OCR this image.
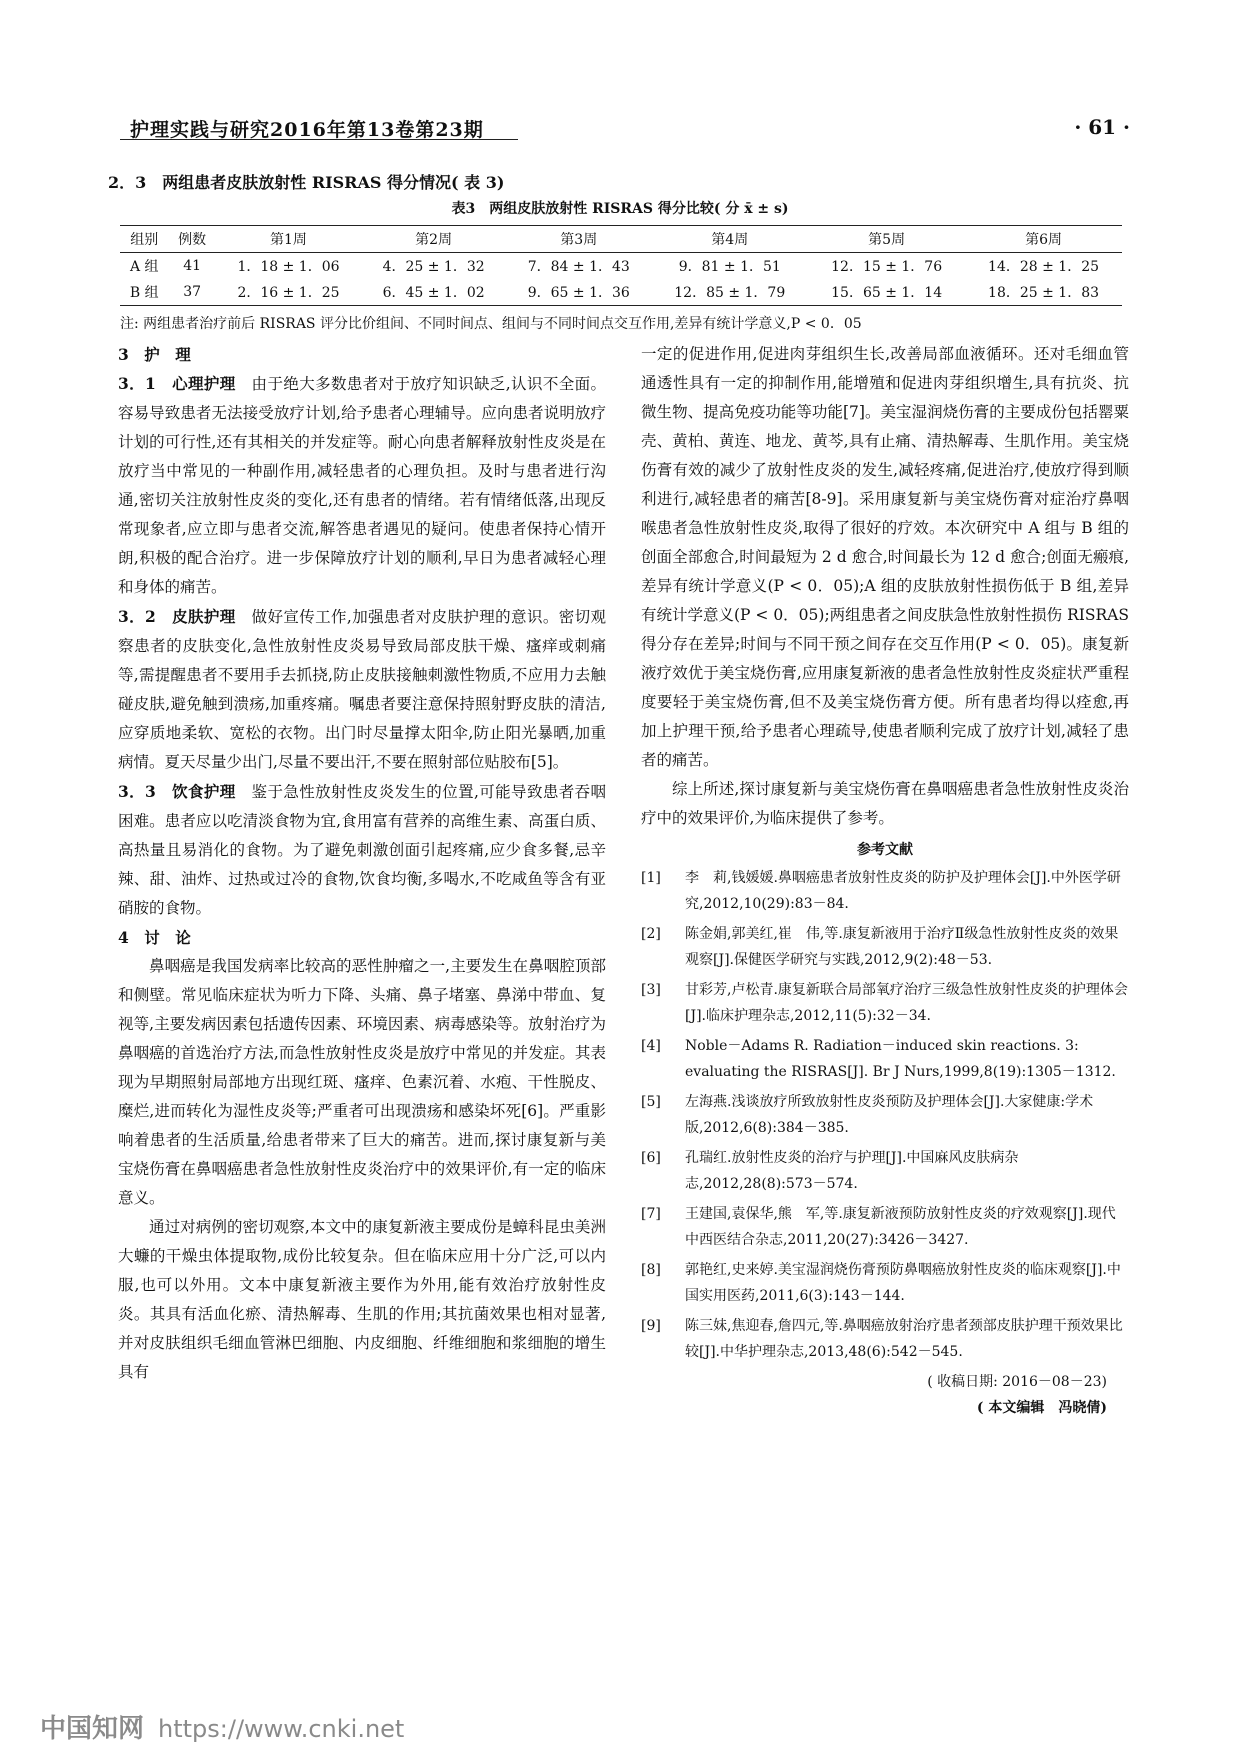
护理实践与研究2016年第13卷第23期	· 61 ·
2．3　两组患者皮肤放射性 RISRAS 得分情况( 表 3)
表3　两组皮肤放射性 RISRAS 得分比较( 分 x̄ ± s)
组别	例数	第1周	第2周	第3周	第4周	第5周	第6周
A 组	41	1．18 ± 1．06	4．25 ± 1．32	7．84 ± 1．43	9．81 ± 1．51	12．15 ± 1．76	14．28 ± 1．25
B 组	37	2．16 ± 1．25	6．45 ± 1．02	9．65 ± 1．36	12．85 ± 1．79	15．65 ± 1．14	18．25 ± 1．83
注: 两组患者治疗前后 RISRAS 评分比价组间、不同时间点、组间与不同时间点交互作用,差异有统计学意义,P < 0．05

3　护　理

3．1　心理护理　由于绝大多数患者对于放疗知识缺乏,认识不全面。容易导致患者无法接受放疗计划,给予患者心理辅导。应向患者说明放疗计划的可行性,还有其相关的并发症等。耐心向患者解释放射性皮炎是在放疗当中常见的一种副作用,减轻患者的心理负担。及时与患者进行沟通,密切关注放射性皮炎的变化,还有患者的情绪。若有情绪低落,出现反常现象者,应立即与患者交流,解答患者遇见的疑问。使患者保持心情开朗,积极的配合治疗。进一步保障放疗计划的顺利,早日为患者减轻心理和身体的痛苦。

3．2　皮肤护理　做好宣传工作,加强患者对皮肤护理的意识。密切观察患者的皮肤变化,急性放射性皮炎易导致局部皮肤干燥、瘙痒或刺痛等,需提醒患者不要用手去抓挠,防止皮肤接触刺激性物质,不应用力去触碰皮肤,避免触到溃疡,加重疼痛。嘱患者要注意保持照射野皮肤的清洁,应穿质地柔软、宽松的衣物。出门时尽量撑太阳伞,防止阳光暴晒,加重病情。夏天尽量少出门,尽量不要出汗,不要在照射部位贴胶布[5]。

3．3　饮食护理　鉴于急性放射性皮炎发生的位置,可能导致患者吞咽困难。患者应以吃清淡食物为宜,食用富有营养的高维生素、高蛋白质、高热量且易消化的食物。为了避免刺激创面引起疼痛,应少食多餐,忌辛辣、甜、油炸、过热或过冷的食物,饮食均衡,多喝水,不吃咸鱼等含有亚硝胺的食物。

4　讨　论

鼻咽癌是我国发病率比较高的恶性肿瘤之一,主要发生在鼻咽腔顶部和侧壁。常见临床症状为听力下降、头痛、鼻子堵塞、鼻涕中带血、复视等,主要发病因素包括遗传因素、环境因素、病毒感染等。放射治疗为鼻咽癌的首选治疗方法,而急性放射性皮炎是放疗中常见的并发症。其表现为早期照射局部地方出现红斑、瘙痒、色素沉着、水疱、干性脱皮、糜烂,进而转化为湿性皮炎等;严重者可出现溃疡和感染坏死[6]。严重影响着患者的生活质量,给患者带来了巨大的痛苦。进而,探讨康复新与美宝烧伤膏在鼻咽癌患者急性放射性皮炎治疗中的效果评价,有一定的临床意义。

通过对病例的密切观察,本文中的康复新液主要成份是蟑科昆虫美洲大蠊的干燥虫体提取物,成份比较复杂。但在临床应用十分广泛,可以内服,也可以外用。文本中康复新液主要作为外用,能有效治疗放射性皮炎。其具有活血化瘀、清热解毒、生肌的作用;其抗菌效果也相对显著,并对皮肤组织毛细血管淋巴细胞、内皮细胞、纤维细胞和浆细胞的增生具有

一定的促进作用,促进肉芽组织生长,改善局部血液循环。还对毛细血管通透性具有一定的抑制作用,能增殖和促进肉芽组织增生,具有抗炎、抗微生物、提高免疫功能等功能[7]。美宝湿润烧伤膏的主要成份包括罂粟壳、黄柏、黄连、地龙、黄芩,具有止痛、清热解毒、生肌作用。美宝烧伤膏有效的减少了放射性皮炎的发生,减轻疼痛,促进治疗,使放疗得到顺利进行,减轻患者的痛苦[8-9]。采用康复新与美宝烧伤膏对症治疗鼻咽喉患者急性放射性皮炎,取得了很好的疗效。本次研究中 A 组与 B 组的创面全部愈合,时间最短为 2 d 愈合,时间最长为 12 d 愈合;创面无瘢痕,差异有统计学意义(P < 0．05);A 组的皮肤放射性损伤低于 B 组,差异有统计学意义(P < 0．05);两组患者之间皮肤急性放射性损伤 RISRAS 得分存在差异;时间与不同干预之间存在交互作用(P < 0．05)。康复新液疗效优于美宝烧伤膏,应用康复新液的患者急性放射性皮炎症状严重程度要轻于美宝烧伤膏,但不及美宝烧伤膏方便。所有患者均得以痊愈,再加上护理干预,给予患者心理疏导,使患者顺利完成了放疗计划,减轻了患者的痛苦。

综上所述,探讨康复新与美宝烧伤膏在鼻咽癌患者急性放射性皮炎治疗中的效果评价,为临床提供了参考。

参考文献
[1]	李　莉,钱媛媛.鼻咽癌患者放射性皮炎的防护及护理体会[J].中外医学研究,2012,10(29):83－84.
[2]	陈金娟,郭美红,崔　伟,等.康复新液用于治疗Ⅱ级急性放射性皮炎的效果观察[J].保健医学研究与实践,2012,9(2):48－53.
[3]	甘彩芳,卢松青.康复新联合局部氧疗治疗三级急性放射性皮炎的护理体会[J].临床护理杂志,2012,11(5):32－34.
[4]	Noble－Adams R. Radiation－induced skin reactions. 3: evaluating the RISRAS[J]. Br J Nurs,1999,8(19):1305－1312.
[5]	左海燕.浅谈放疗所致放射性皮炎预防及护理体会[J].大家健康:学术版,2012,6(8):384－385.
[6]	孔瑞红.放射性皮炎的治疗与护理[J].中国麻风皮肤病杂志,2012,28(8):573－574.
[7]	王建国,袁保华,熊　军,等.康复新液预防放射性皮炎的疗效观察[J].现代中西医结合杂志,2011,20(27):3426－3427.
[8]	郭艳红,史来婷.美宝湿润烧伤膏预防鼻咽癌放射性皮炎的临床观察[J].中国实用医药,2011,6(3):143－144.
[9]	陈三妹,焦迎春,詹四元,等.鼻咽癌放射治疗患者颈部皮肤护理干预效果比较[J].中华护理杂志,2013,48(6):542－545.
( 收稿日期: 2016－08－23)
( 本文编辑　冯晓倩)
中国知网 https://www.cnki.net
